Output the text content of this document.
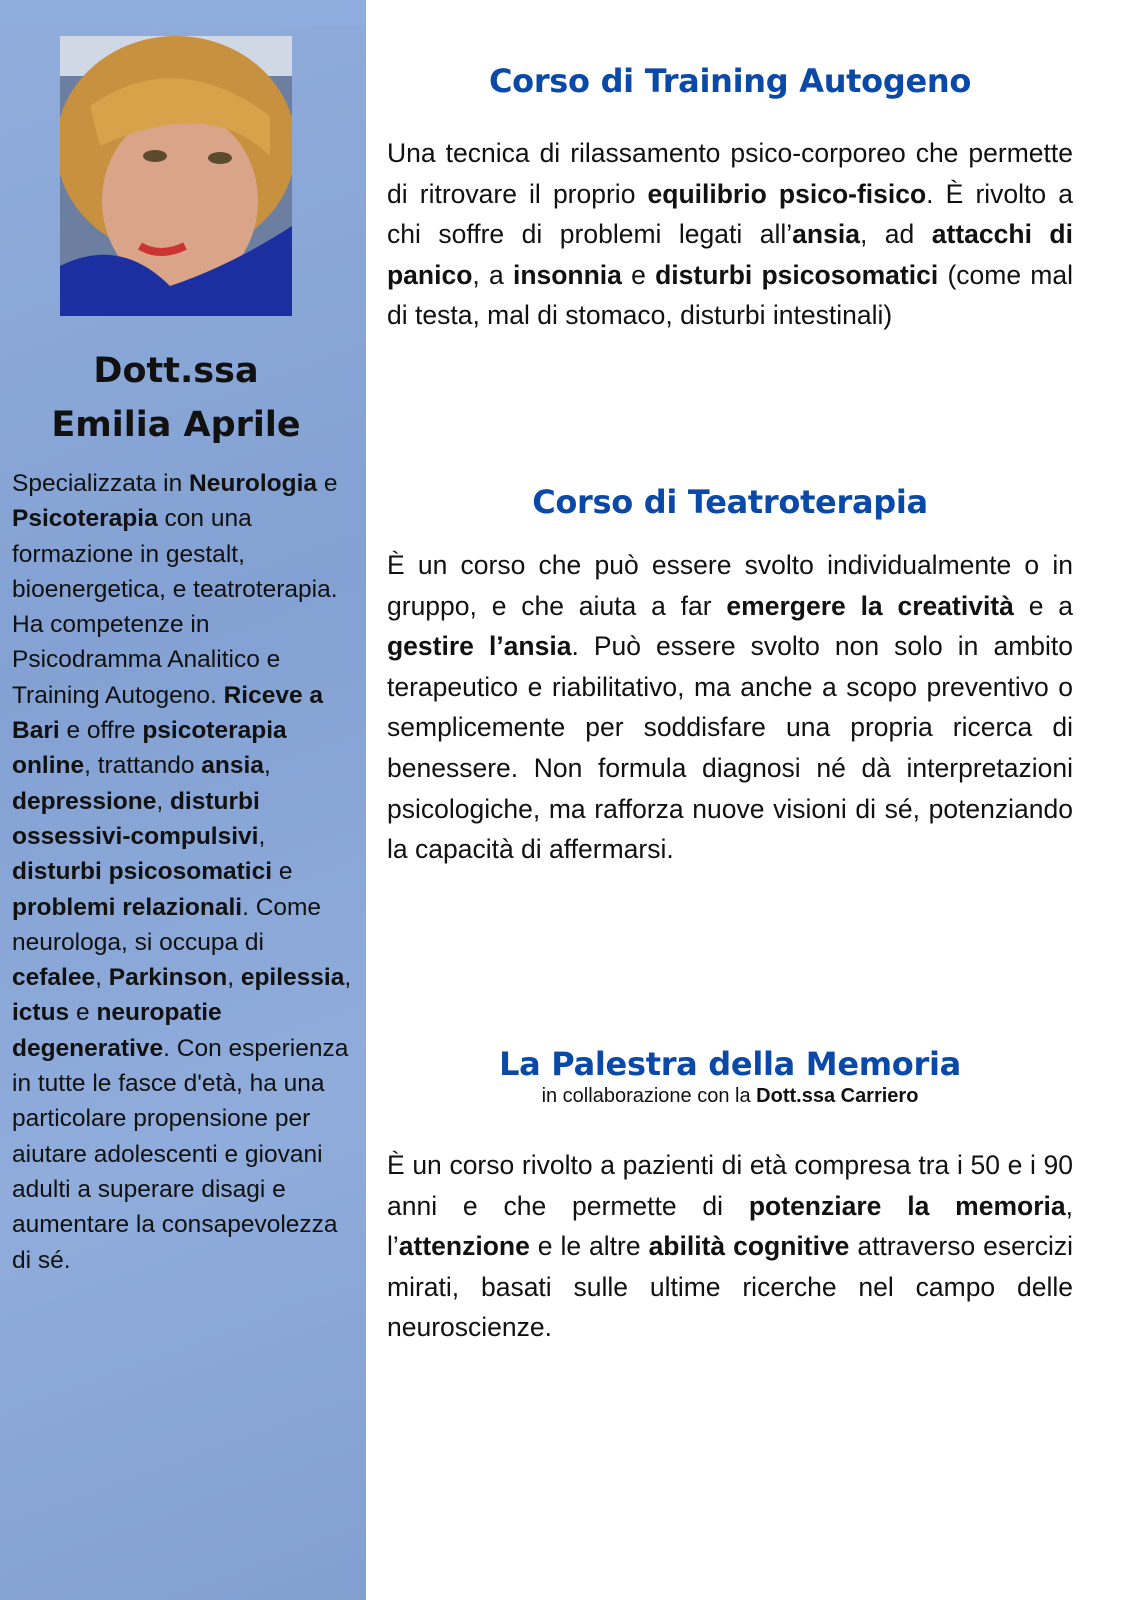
Dott.ssa
Emilia Aprile
Specializzata in Neurologia e Psicoterapia con una formazione in gestalt, bioenergetica, e teatroterapia. Ha competenze in Psicodramma Analitico e Training Autogeno. Riceve a Bari e offre psicoterapia online, trattando ansia, depressione, disturbi ossessivi-compulsivi, disturbi psicosomatici e problemi relazionali. Come neurologa, si occupa di cefalee, Parkinson, epilessia, ictus e neuropatie degenerative. Con esperienza in tutte le fasce d'età, ha una particolare propensione per aiutare adolescenti e giovani adulti a superare disagi e aumentare la consapevolezza di sé.
Corso di Training Autogeno
Una tecnica di rilassamento psico-corporeo che permette di ritrovare il proprio equilibrio psico-fisico. È rivolto a chi soffre di problemi legati all’ansia, ad attacchi di panico, a insonnia e disturbi psicosomatici (come mal di testa, mal di stomaco, disturbi intestinali)
Corso di Teatroterapia
È un corso che può essere svolto individualmente o in gruppo, e che aiuta a far emergere la creatività e a gestire l’ansia. Può essere svolto non solo in ambito terapeutico e riabilitativo, ma anche a scopo preventivo o semplicemente per soddisfare una propria ricerca di benessere. Non formula diagnosi né dà interpretazioni psicologiche, ma rafforza nuove visioni di sé, potenziando la capacità di affermarsi.
La Palestra della Memoria
in collaborazione con la Dott.ssa Carriero
È un corso rivolto a pazienti di età compresa tra i 50 e i 90 anni e che permette di potenziare la memoria, l’attenzione e le altre abilità cognitive attraverso esercizi mirati, basati sulle ultime ricerche nel campo delle neuroscienze.
